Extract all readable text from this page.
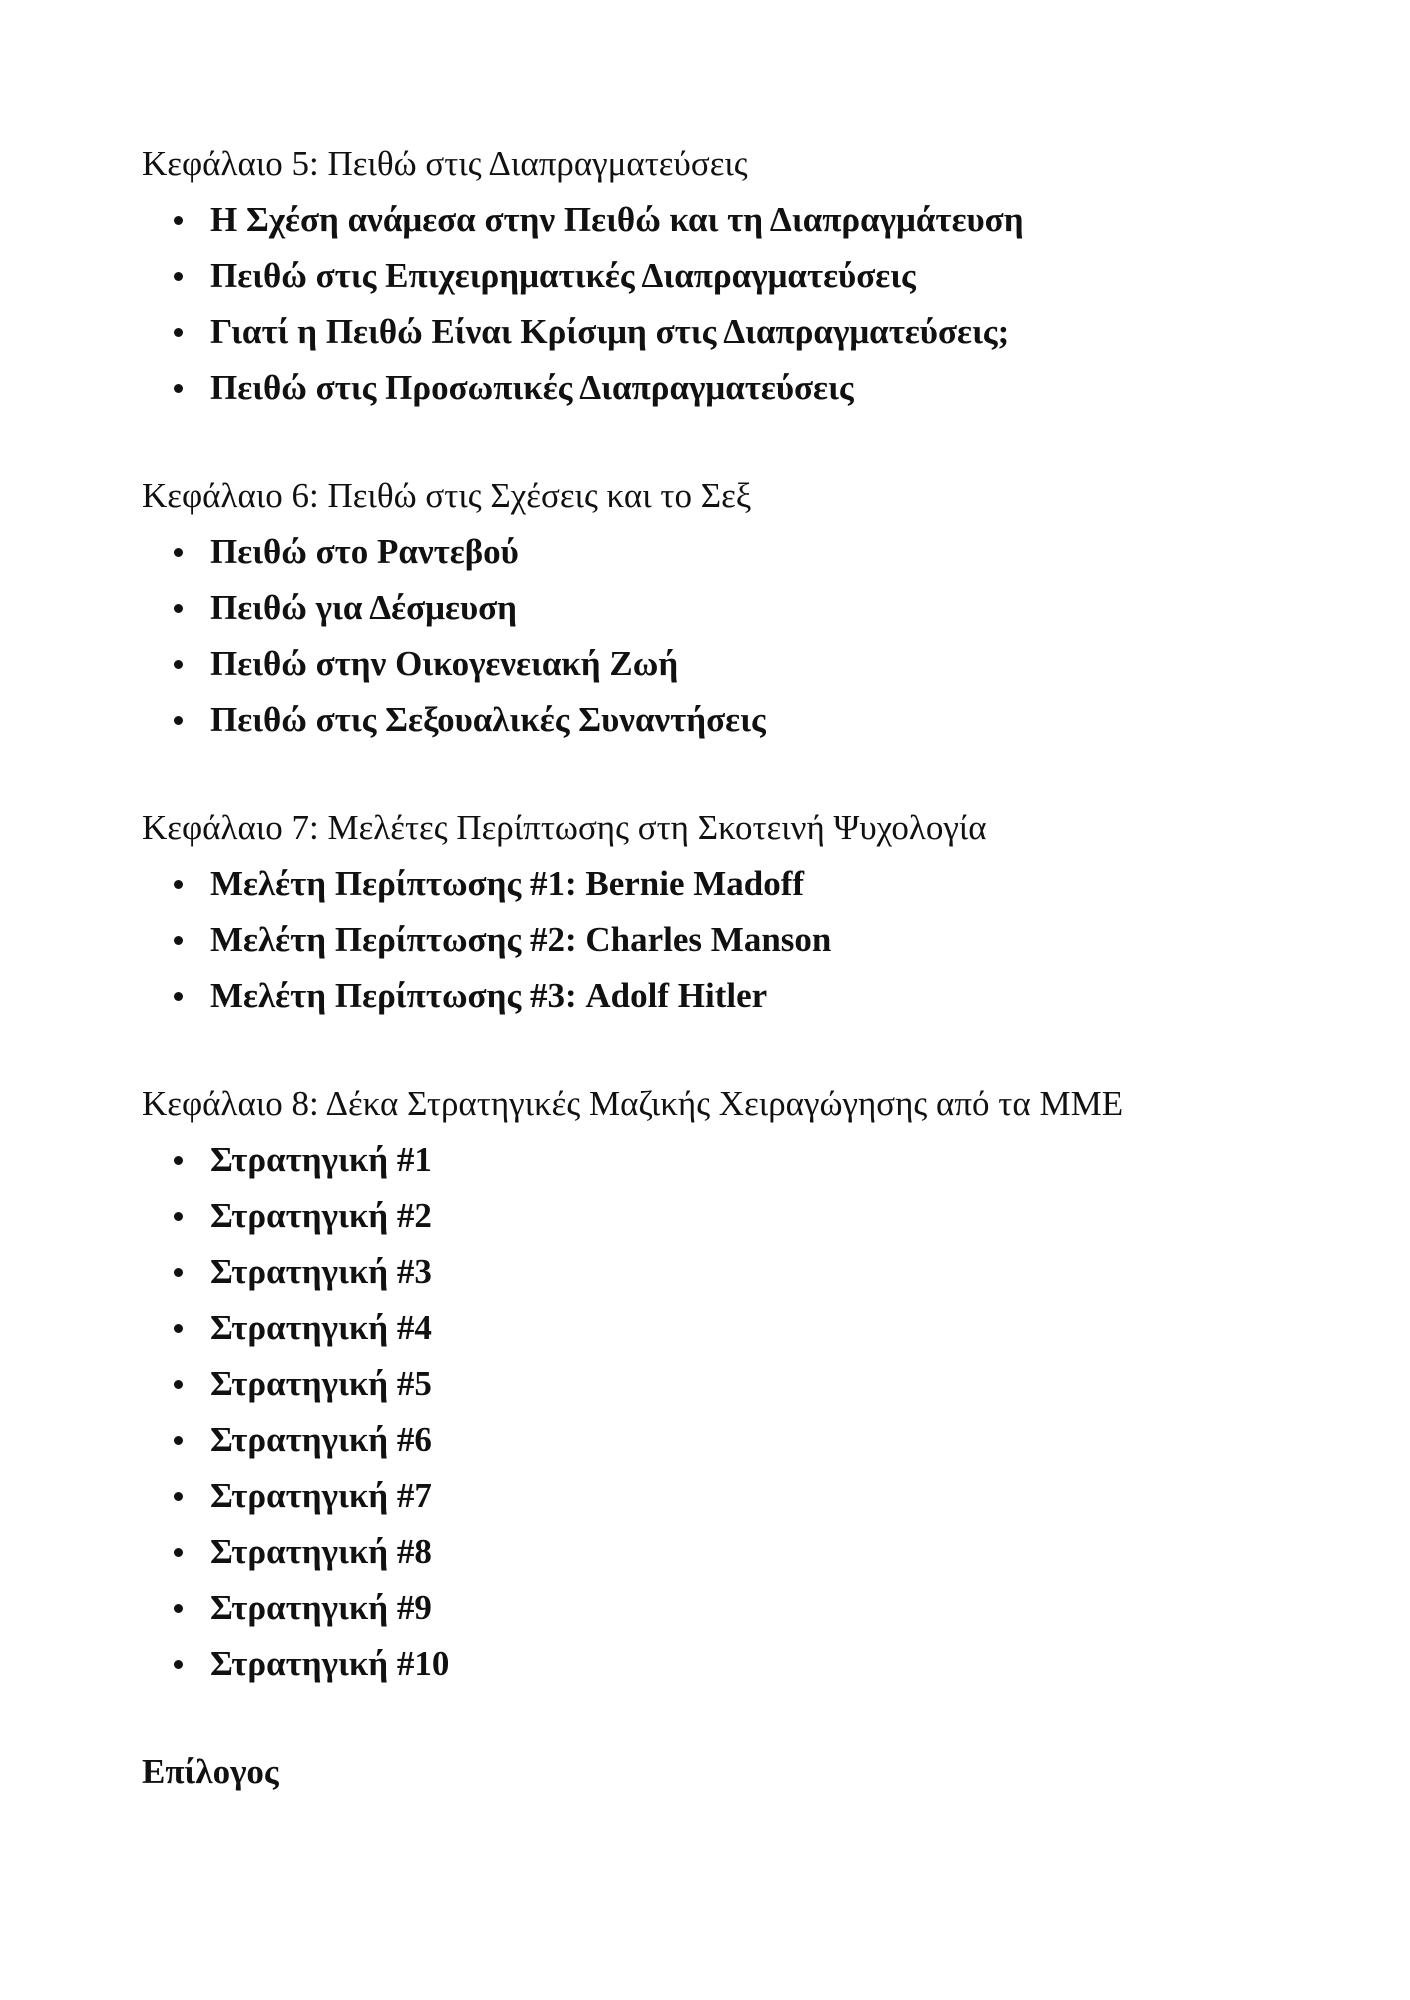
Κεφάλαιο 5: Πειθώ στις Διαπραγματεύσεις
Η Σχέση ανάμεσα στην Πειθώ και τη Διαπραγμάτευση
Πειθώ στις Επιχειρηματικές Διαπραγματεύσεις
Γιατί η Πειθώ Είναι Κρίσιμη στις Διαπραγματεύσεις;
Πειθώ στις Προσωπικές Διαπραγματεύσεις
Κεφάλαιο 6: Πειθώ στις Σχέσεις και το Σεξ
Πειθώ στο Ραντεβού
Πειθώ για Δέσμευση
Πειθώ στην Οικογενειακή Ζωή
Πειθώ στις Σεξουαλικές Συναντήσεις
Κεφάλαιο 7: Μελέτες Περίπτωσης στη Σκοτεινή Ψυχολογία
Μελέτη Περίπτωσης #1: Bernie Madoff
Μελέτη Περίπτωσης #2: Charles Manson
Μελέτη Περίπτωσης #3: Adolf Hitler
Κεφάλαιο 8: Δέκα Στρατηγικές Μαζικής Χειραγώγησης από τα ΜΜΕ
Στρατηγική #1
Στρατηγική #2
Στρατηγική #3
Στρατηγική #4
Στρατηγική #5
Στρατηγική #6
Στρατηγική #7
Στρατηγική #8
Στρατηγική #9
Στρατηγική #10
Επίλογος
